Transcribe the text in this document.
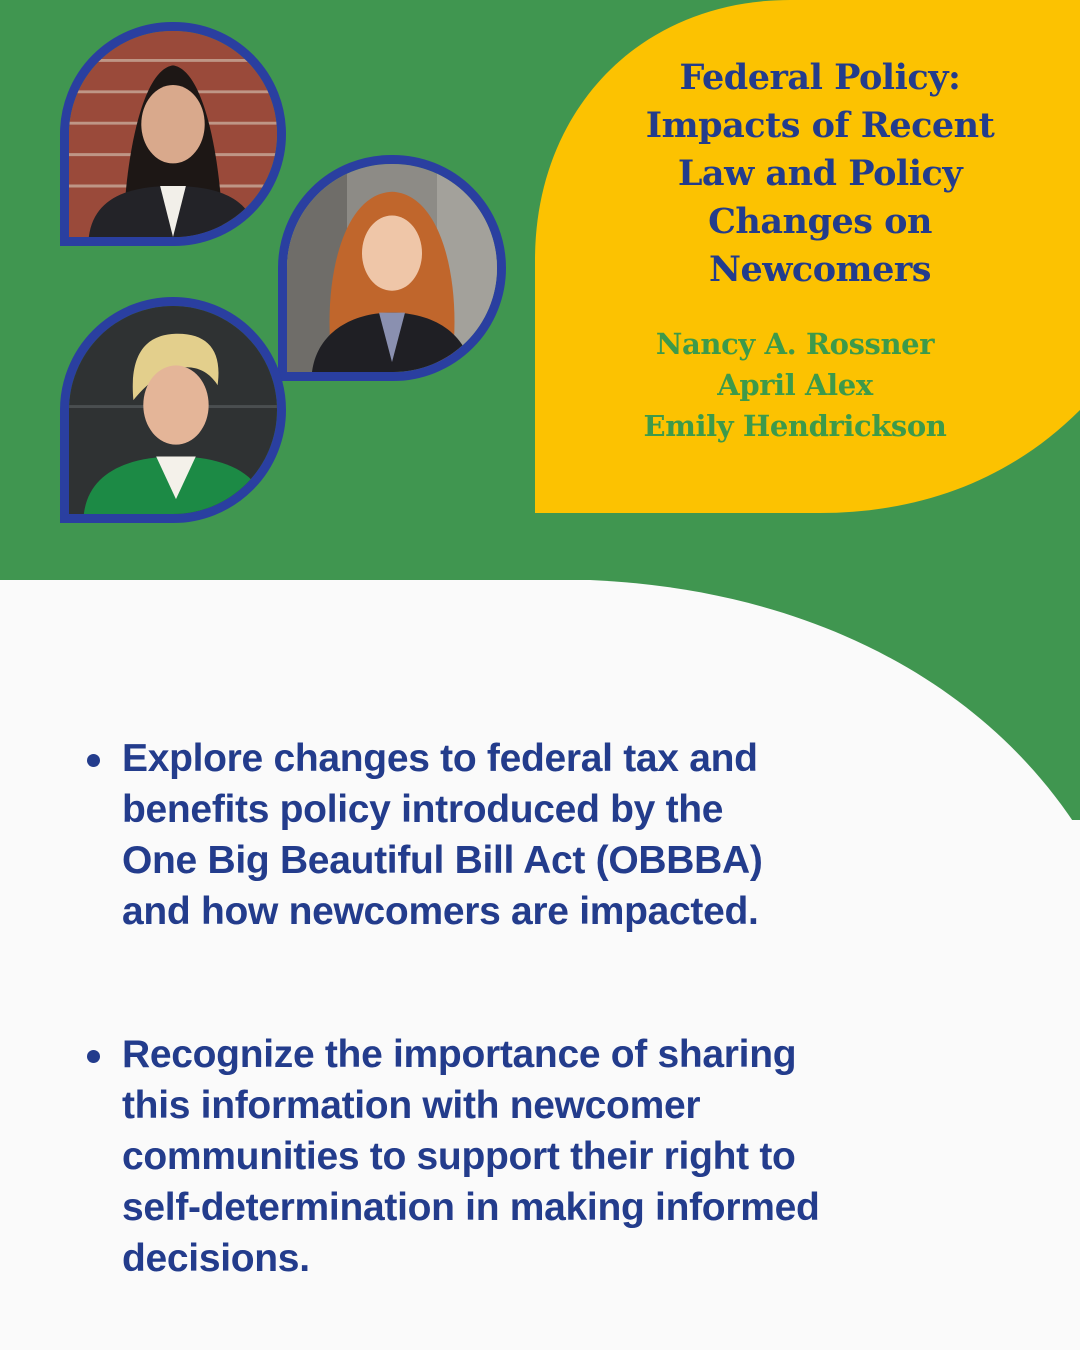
Federal Policy:
Impacts of Recent
Law and Policy
Changes on
Newcomers
Nancy A. Rossner
April Alex
Emily Hendrickson
Explore changes to federal tax and
benefits policy introduced by the
One Big Beautiful Bill Act (OBBBA)
and how newcomers are impacted.
Recognize the importance of sharing
this information with newcomer
communities to support their right to
self-determination in making informed
decisions.
